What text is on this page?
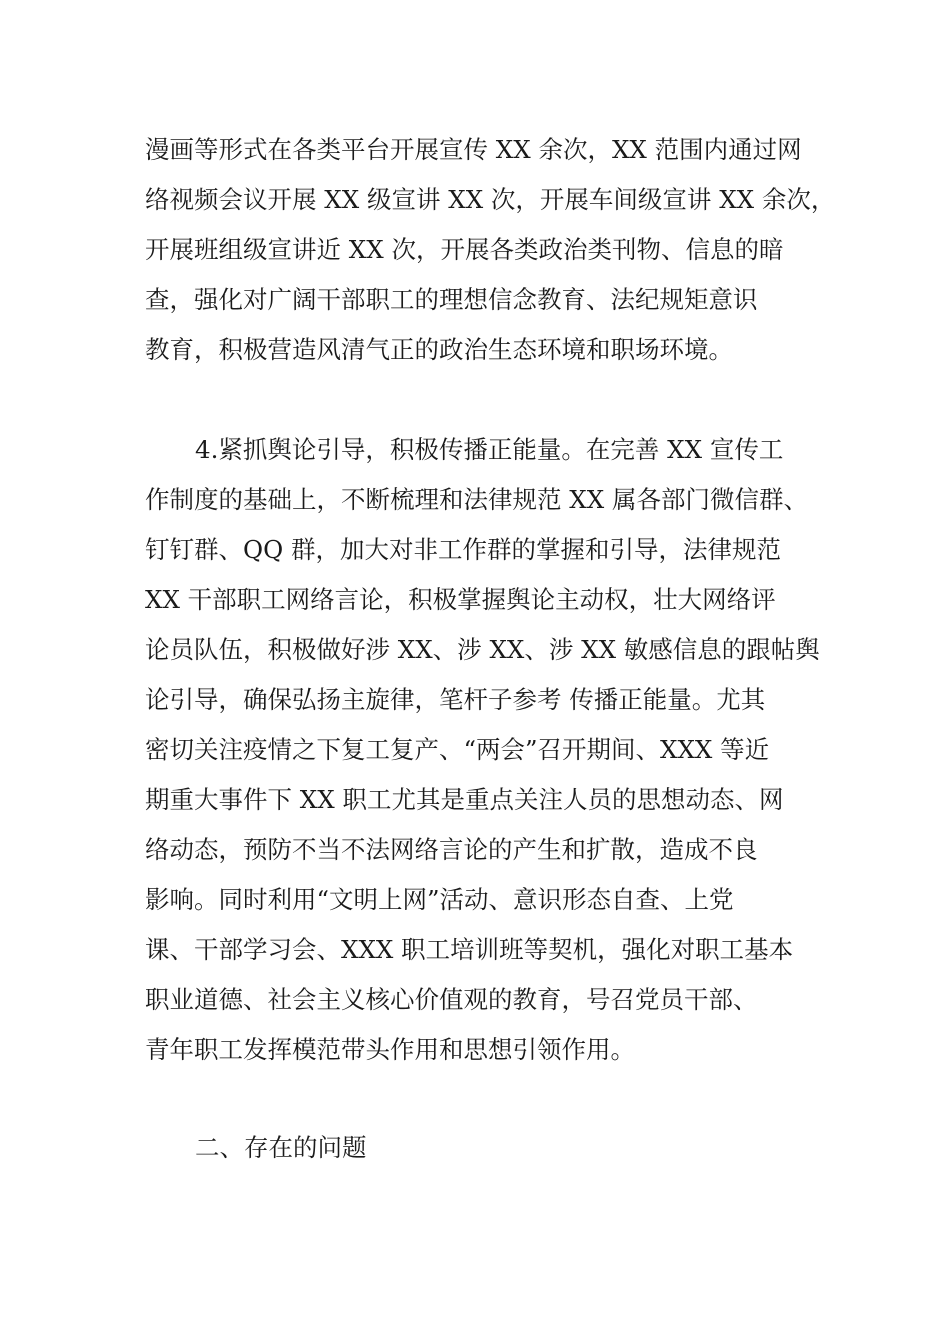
漫画等形式在各类平台开展宣传 XX 余次，XX 范围内通过网
络视频会议开展 XX 级宣讲 XX 次，开展车间级宣讲 XX 余次，
开展班组级宣讲近 XX 次，开展各类政治类刊物、信息的暗
查，强化对广阔干部职工的理想信念教育、法纪规矩意识
教育，积极营造风清气正的政治生态环境和职场环境。
4.紧抓舆论引导，积极传播正能量。在完善 XX 宣传工
作制度的基础上，不断梳理和法律规范 XX 属各部门微信群、
钉钉群、QQ 群，加大对非工作群的掌握和引导，法律规范
XX 干部职工网络言论，积极掌握舆论主动权，壮大网络评
论员队伍，积极做好涉 XX、涉 XX、涉 XX 敏感信息的跟帖舆
论引导，确保弘扬主旋律，笔杆子参考 传播正能量。尤其
密切关注疫情之下复工复产、“两会”召开期间、XXX 等近
期重大事件下 XX 职工尤其是重点关注人员的思想动态、网
络动态，预防不当不法网络言论的产生和扩散，造成不良
影响。同时利用“文明上网”活动、意识形态自查、上党
课、干部学习会、XXX 职工培训班等契机，强化对职工基本
职业道德、社会主义核心价值观的教育，号召党员干部、
青年职工发挥模范带头作用和思想引领作用。
二、存在的问题
